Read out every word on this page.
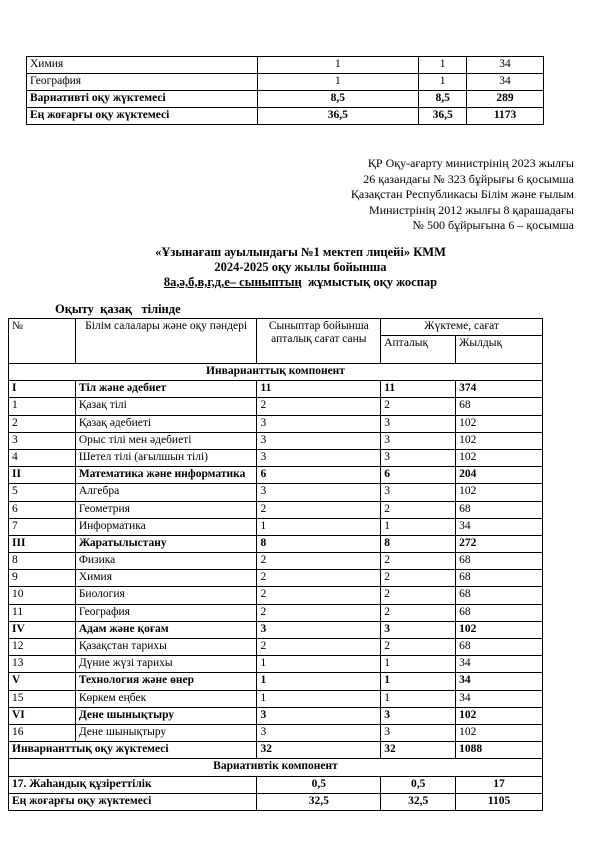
Химия	1	1	34
География	1	1	34
Вариативті оқу жүктемесі	8,5	8,5	289
Ең жоғарғы оқу жүктемесі	36,5	36,5	1173
ҚР Оқу-ағарту министрінің 2023 жылғы
26 қазандағы № 323 бұйрығы 6 қосымша
Қазақстан Республикасы Білім және ғылым
Министрінің 2012 жылғы 8 қарашадағы
№ 500 бұйрығына 6 – қосымша
«Ұзынағаш ауылындағы №1 мектеп лицейі» КММ
2024-2025 оқу жылы бойынша
8а,ә,б,в,г,д,е– сыныптың  жұмыстық оқу жоспар
Оқыту  қазақ   тілінде
№	Білім салалары және оқу пәндері	Сыныптар бойынша апталық сағат саны	Жүктеме, сағат	
			Апталық	Жылдық
Инварианттық компонент				
I	Тіл және әдебиет	11	11	374
1	Қазақ тілі	2	2	68
2	Қазақ әдебиеті	3	3	102
3	Орыс тілі мен әдебиеті	3	3	102
4	Шетел тілі (ағылшын тілі)	3	3	102
II	Математика және информатика	6	6	204
5	Алгебра	3	3	102
6	Геометрия	2	2	68
7	Информатика	1	1	34
III	Жаратылыстану	8	8	272
8	Физика	2	2	68
9	Химия	2	2	68
10	Биология	2	2	68
11	География	2	2	68
IV	Адам және қоғам	3	3	102
12	Қазақстан тарихы	2	2	68
13	Дүние жүзі тарихы	1	1	34
V	Технология және өнер	1	1	34
15	Көркем еңбек	1	1	34
VI	Дене шынықтыру	3	3	102
16	Дене шынықтыру	3	3	102
Инварианттық оқу жүктемесі		32	32	1088
Вариативтік компонент				
17. Жаһандық құзіреттілік		0,5	0,5	17
Ең жоғарғы оқу жүктемесі		32,5	32,5	1105
